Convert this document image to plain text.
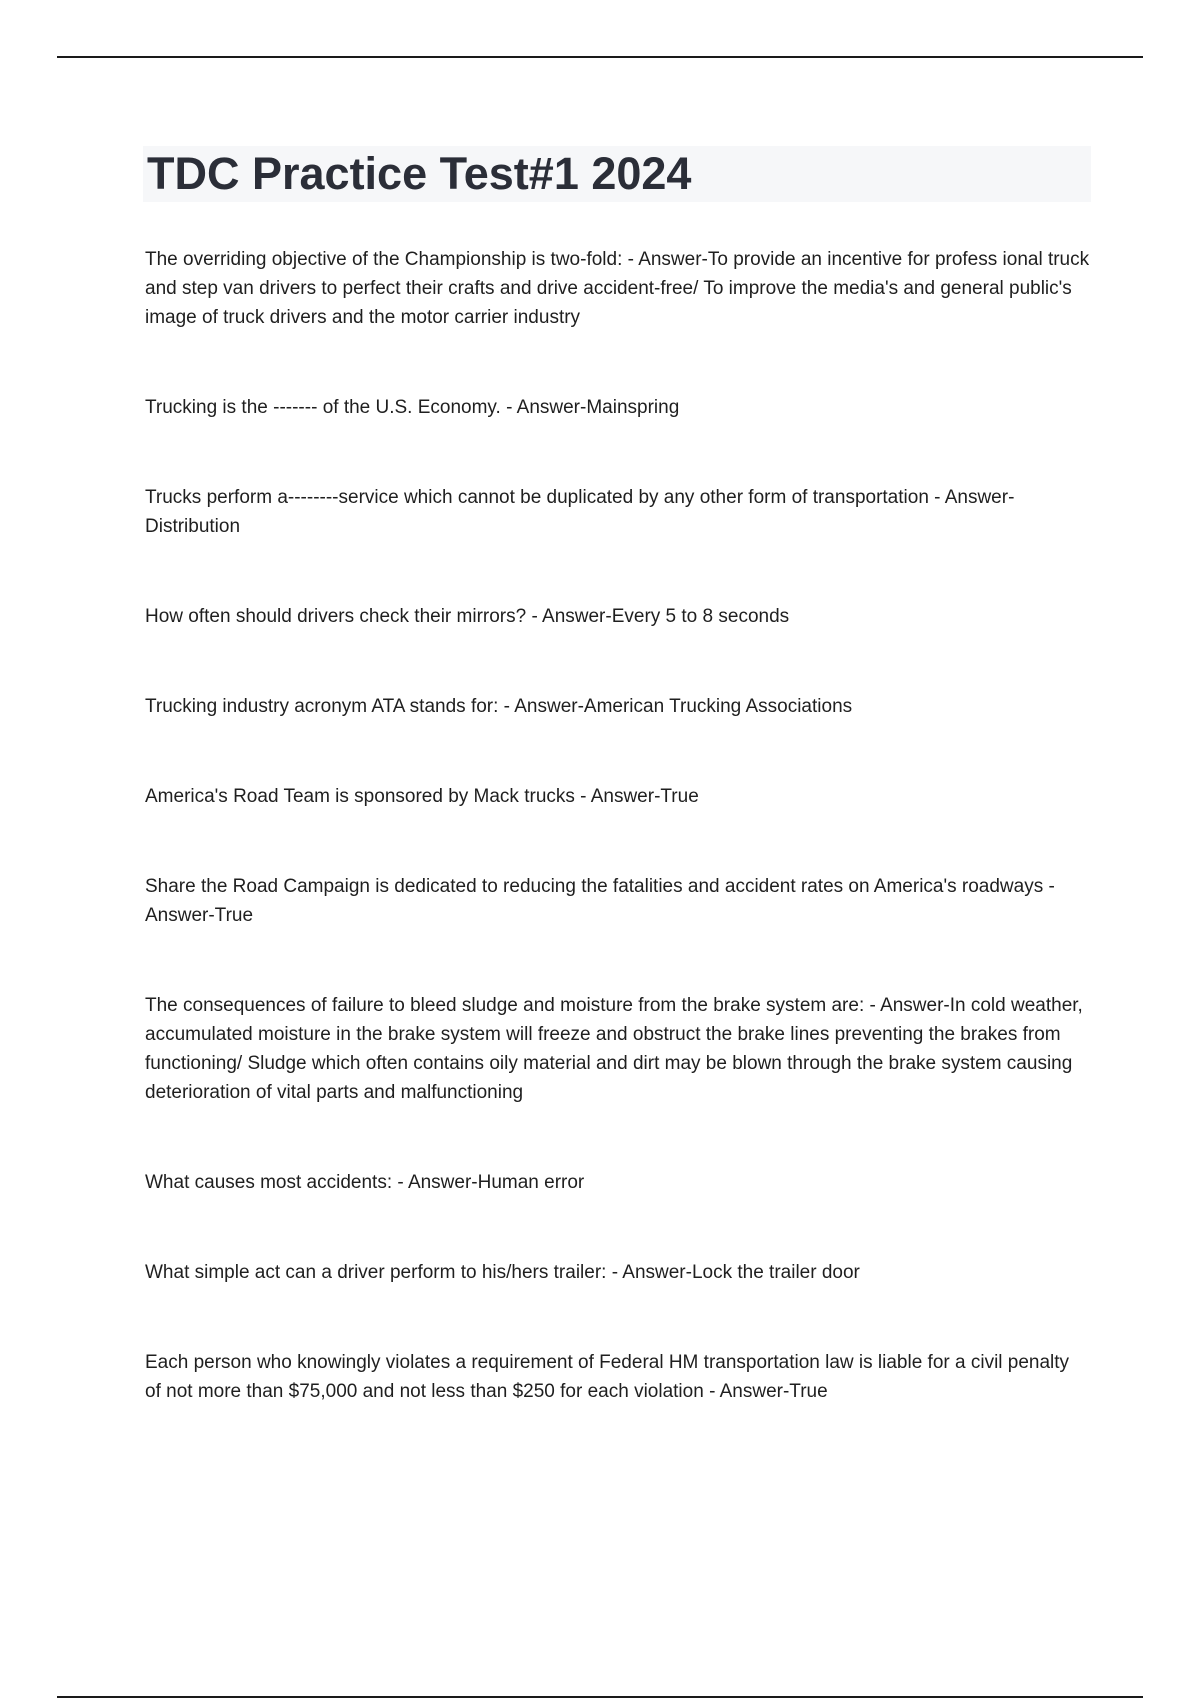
TDC Practice Test#1 2024
The overriding objective of the Championship is two-fold: - Answer-To provide an incentive for profess ional truck and step van drivers to perfect their crafts and drive accident-free/ To improve the media's and general public's image of truck drivers and the motor carrier industry
Trucking is the ------- of the U.S. Economy. - Answer-Mainspring
Trucks perform a--------service which cannot be duplicated by any other form of transportation - Answer-Distribution
How often should drivers check their mirrors? - Answer-Every 5 to 8 seconds
Trucking industry acronym ATA stands for: - Answer-American Trucking Associations
America's Road Team is sponsored by Mack trucks - Answer-True
Share the Road Campaign is dedicated to reducing the fatalities and accident rates on America's roadways - Answer-True
The consequences of failure to bleed sludge and moisture from the brake system are: - Answer-In cold weather, accumulated moisture in the brake system will freeze and obstruct the brake lines preventing the brakes from functioning/ Sludge which often contains oily material and dirt may be blown through the brake system causing deterioration of vital parts and malfunctioning
What causes most accidents: - Answer-Human error
What simple act can a driver perform to his/hers trailer: - Answer-Lock the trailer door
Each person who knowingly violates a requirement of Federal HM transportation law is liable for a civil penalty of not more than $75,000 and not less than $250 for each violation - Answer-True
